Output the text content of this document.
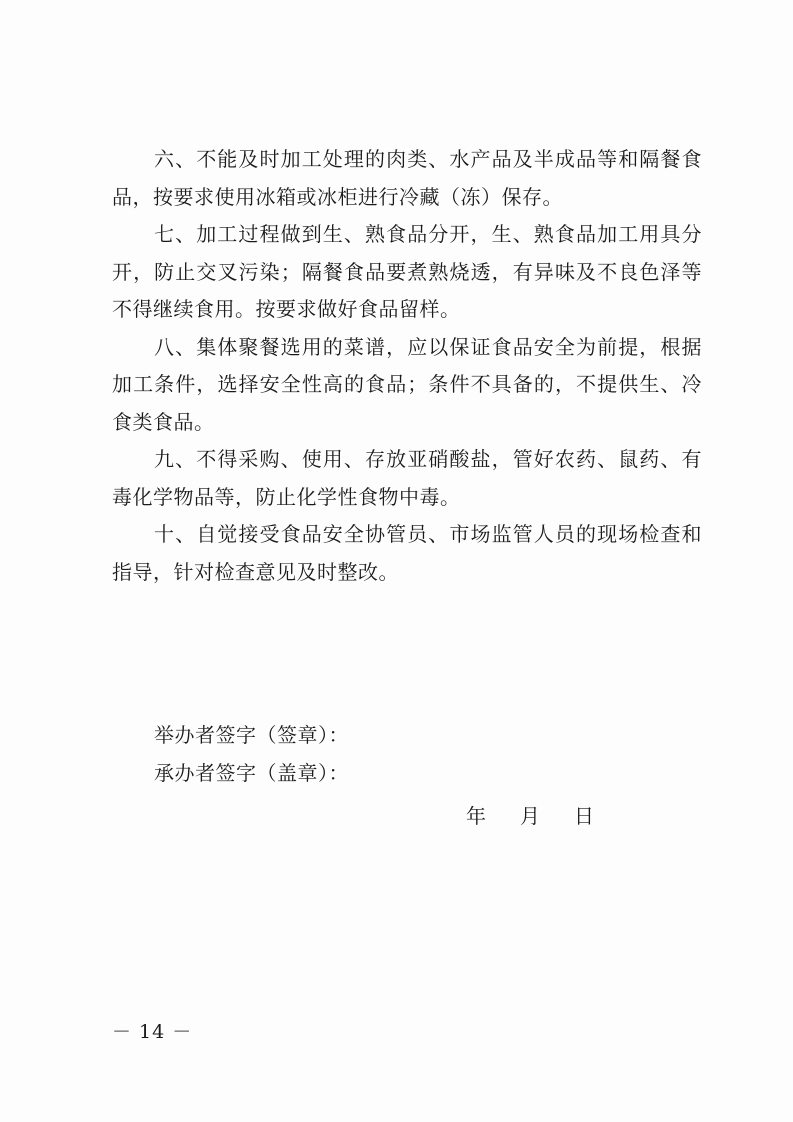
六、不能及时加工处理的肉类、水产品及半成品等和隔餐食品，按要求使用冰箱或冰柜进行冷藏（冻）保存。

七、加工过程做到生、熟食品分开，生、熟食品加工用具分开，防止交叉污染；隔餐食品要煮熟烧透，有异味及不良色泽等不得继续食用。按要求做好食品留样。

八、集体聚餐选用的菜谱，应以保证食品安全为前提，根据加工条件，选择安全性高的食品；条件不具备的，不提供生、冷食类食品。

九、不得采购、使用、存放亚硝酸盐，管好农药、鼠药、有毒化学物品等，防止化学性食物中毒。

十、自觉接受食品安全协管员、市场监管人员的现场检查和指导，针对检查意见及时整改。

举办者签字（签章）：
承办者签字（盖章）：
年 月 日
－ 14 －
